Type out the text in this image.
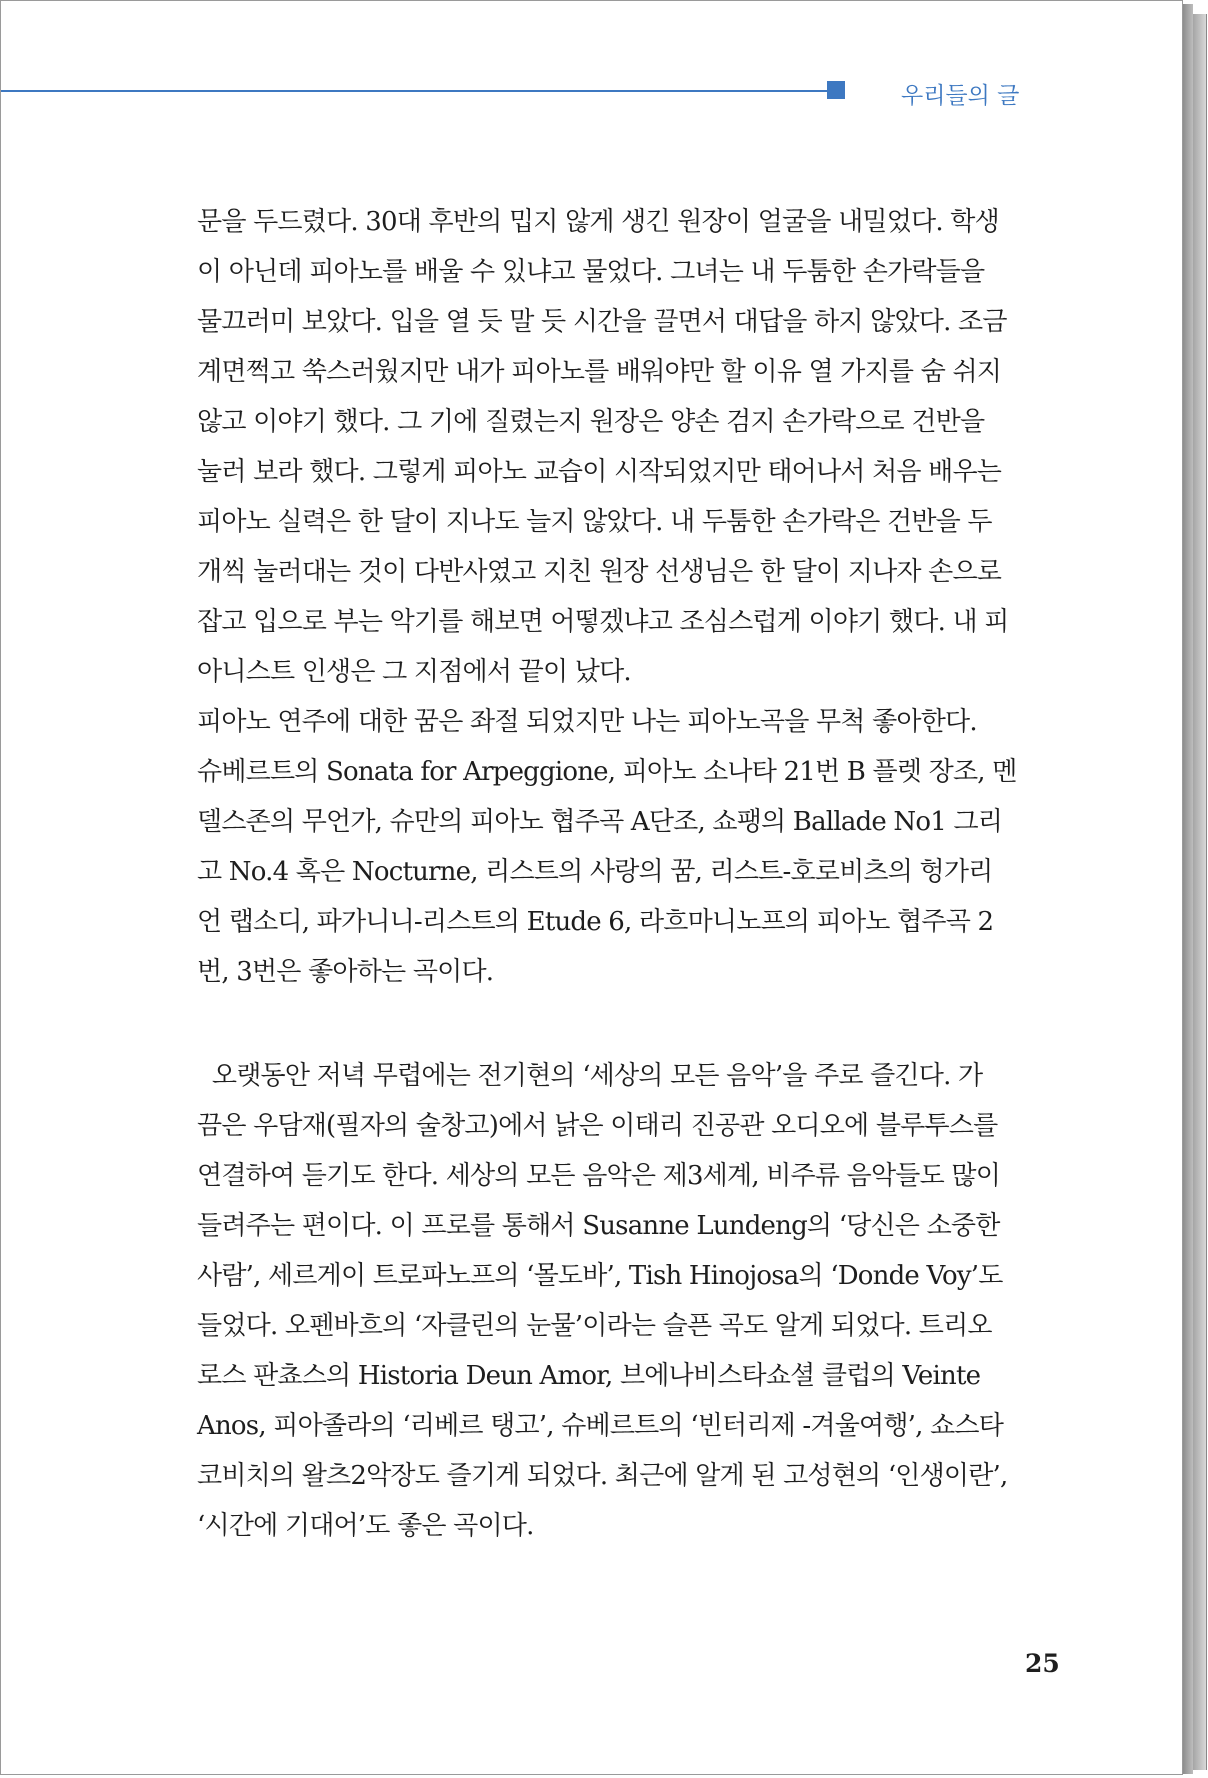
우리들의 글
문을 두드렸다. 30대 후반의 밉지 않게 생긴 원장이 얼굴을 내밀었다. 학생
이 아닌데 피아노를 배울 수 있냐고 물었다. 그녀는 내 두툼한 손가락들을
물끄러미 보았다. 입을 열 듯 말 듯 시간을 끌면서 대답을 하지 않았다. 조금
계면쩍고 쑥스러웠지만 내가 피아노를 배워야만 할 이유 열 가지를 숨 쉬지
않고 이야기 했다. 그 기에 질렸는지 원장은 양손 검지 손가락으로 건반을
눌러 보라 했다. 그렇게 피아노 교습이 시작되었지만 태어나서 처음 배우는
피아노 실력은 한 달이 지나도 늘지 않았다. 내 두툼한 손가락은 건반을 두
개씩 눌러대는 것이 다반사였고 지친 원장 선생님은 한 달이 지나자 손으로
잡고 입으로 부는 악기를 해보면 어떻겠냐고 조심스럽게 이야기 했다. 내 피
아니스트 인생은 그 지점에서 끝이 났다.
피아노 연주에 대한 꿈은 좌절 되었지만 나는 피아노곡을 무척 좋아한다.
슈베르트의 Sonata for Arpeggione, 피아노 소나타 21번 B 플렛 장조, 멘
델스존의 무언가, 슈만의 피아노 협주곡 A단조, 쇼팽의 Ballade No1 그리
고 No.4 혹은 Nocturne, 리스트의 사랑의 꿈, 리스트-호로비츠의 헝가리
언 랩소디, 파가니니-리스트의 Etude 6, 라흐마니노프의 피아노 협주곡 2
번, 3번은 좋아하는 곡이다.
오랫동안 저녁 무렵에는 전기현의 ‘세상의 모든 음악’을 주로 즐긴다. 가
끔은 우담재(필자의 술창고)에서 낡은 이태리 진공관 오디오에 블루투스를
연결하여 듣기도 한다. 세상의 모든 음악은 제3세계, 비주류 음악들도 많이
들려주는 편이다. 이 프로를 통해서 Susanne Lundeng의 ‘당신은 소중한
사람’, 세르게이 트로파노프의 ‘몰도바’, Tish Hinojosa의 ‘Donde Voy’도
들었다. 오펜바흐의 ‘자클린의 눈물’이라는 슬픈 곡도 알게 되었다. 트리오
로스 판쵸스의 Historia Deun Amor, 브에나비스타쇼셜 클럽의 Veinte
Anos, 피아졸라의 ‘리베르 탱고’, 슈베르트의 ‘빈터리제 -겨울여행’, 쇼스타
코비치의 왈츠2악장도 즐기게 되었다. 최근에 알게 된 고성현의 ‘인생이란’,
‘시간에 기대어’도 좋은 곡이다.
25
